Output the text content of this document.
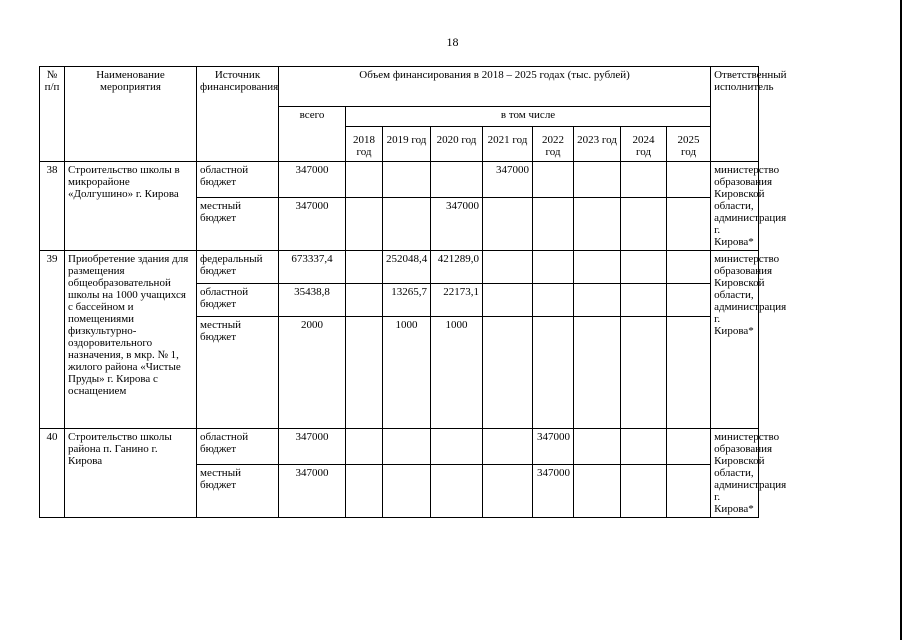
18
№ п/п	Наименование мероприятия	Источник финансирования	Объем финансирования в 2018 – 2025 годах (тыс. рублей)									Ответственный исполнитель
			всего	в том числе								
				2018 год	2019 год	2020 год	2021 год	2022 год	2023 год	2024 год	2025 год	
38	Строительство школы в микрорайоне «Долгушино» г. Кирова	областной бюджет	347000				347000					министерство образования Кировской области, администрация г. Кирова*
		местный бюджет	347000			347000						
39	Приобретение здания для размещения общеобразовательной школы на 1000 учащихся с бассейном и помещениями физкультурно-оздоровительного назначения, в мкр. № 1, жилого района «Чистые Пруды» г. Кирова с оснащением	федеральный бюджет	673337,4		252048,4	421289,0						министерство образования Кировской области, администрация г. Кирова*
		областной бюджет	35438,8		13265,7	22173,1						
		местный бюджет	2000		1000	1000						
40	Строительство школы района п. Ганино г. Кирова	областной бюджет	347000					347000				министерство образования Кировской области, администрация г. Кирова*
		местный бюджет	347000					347000				
